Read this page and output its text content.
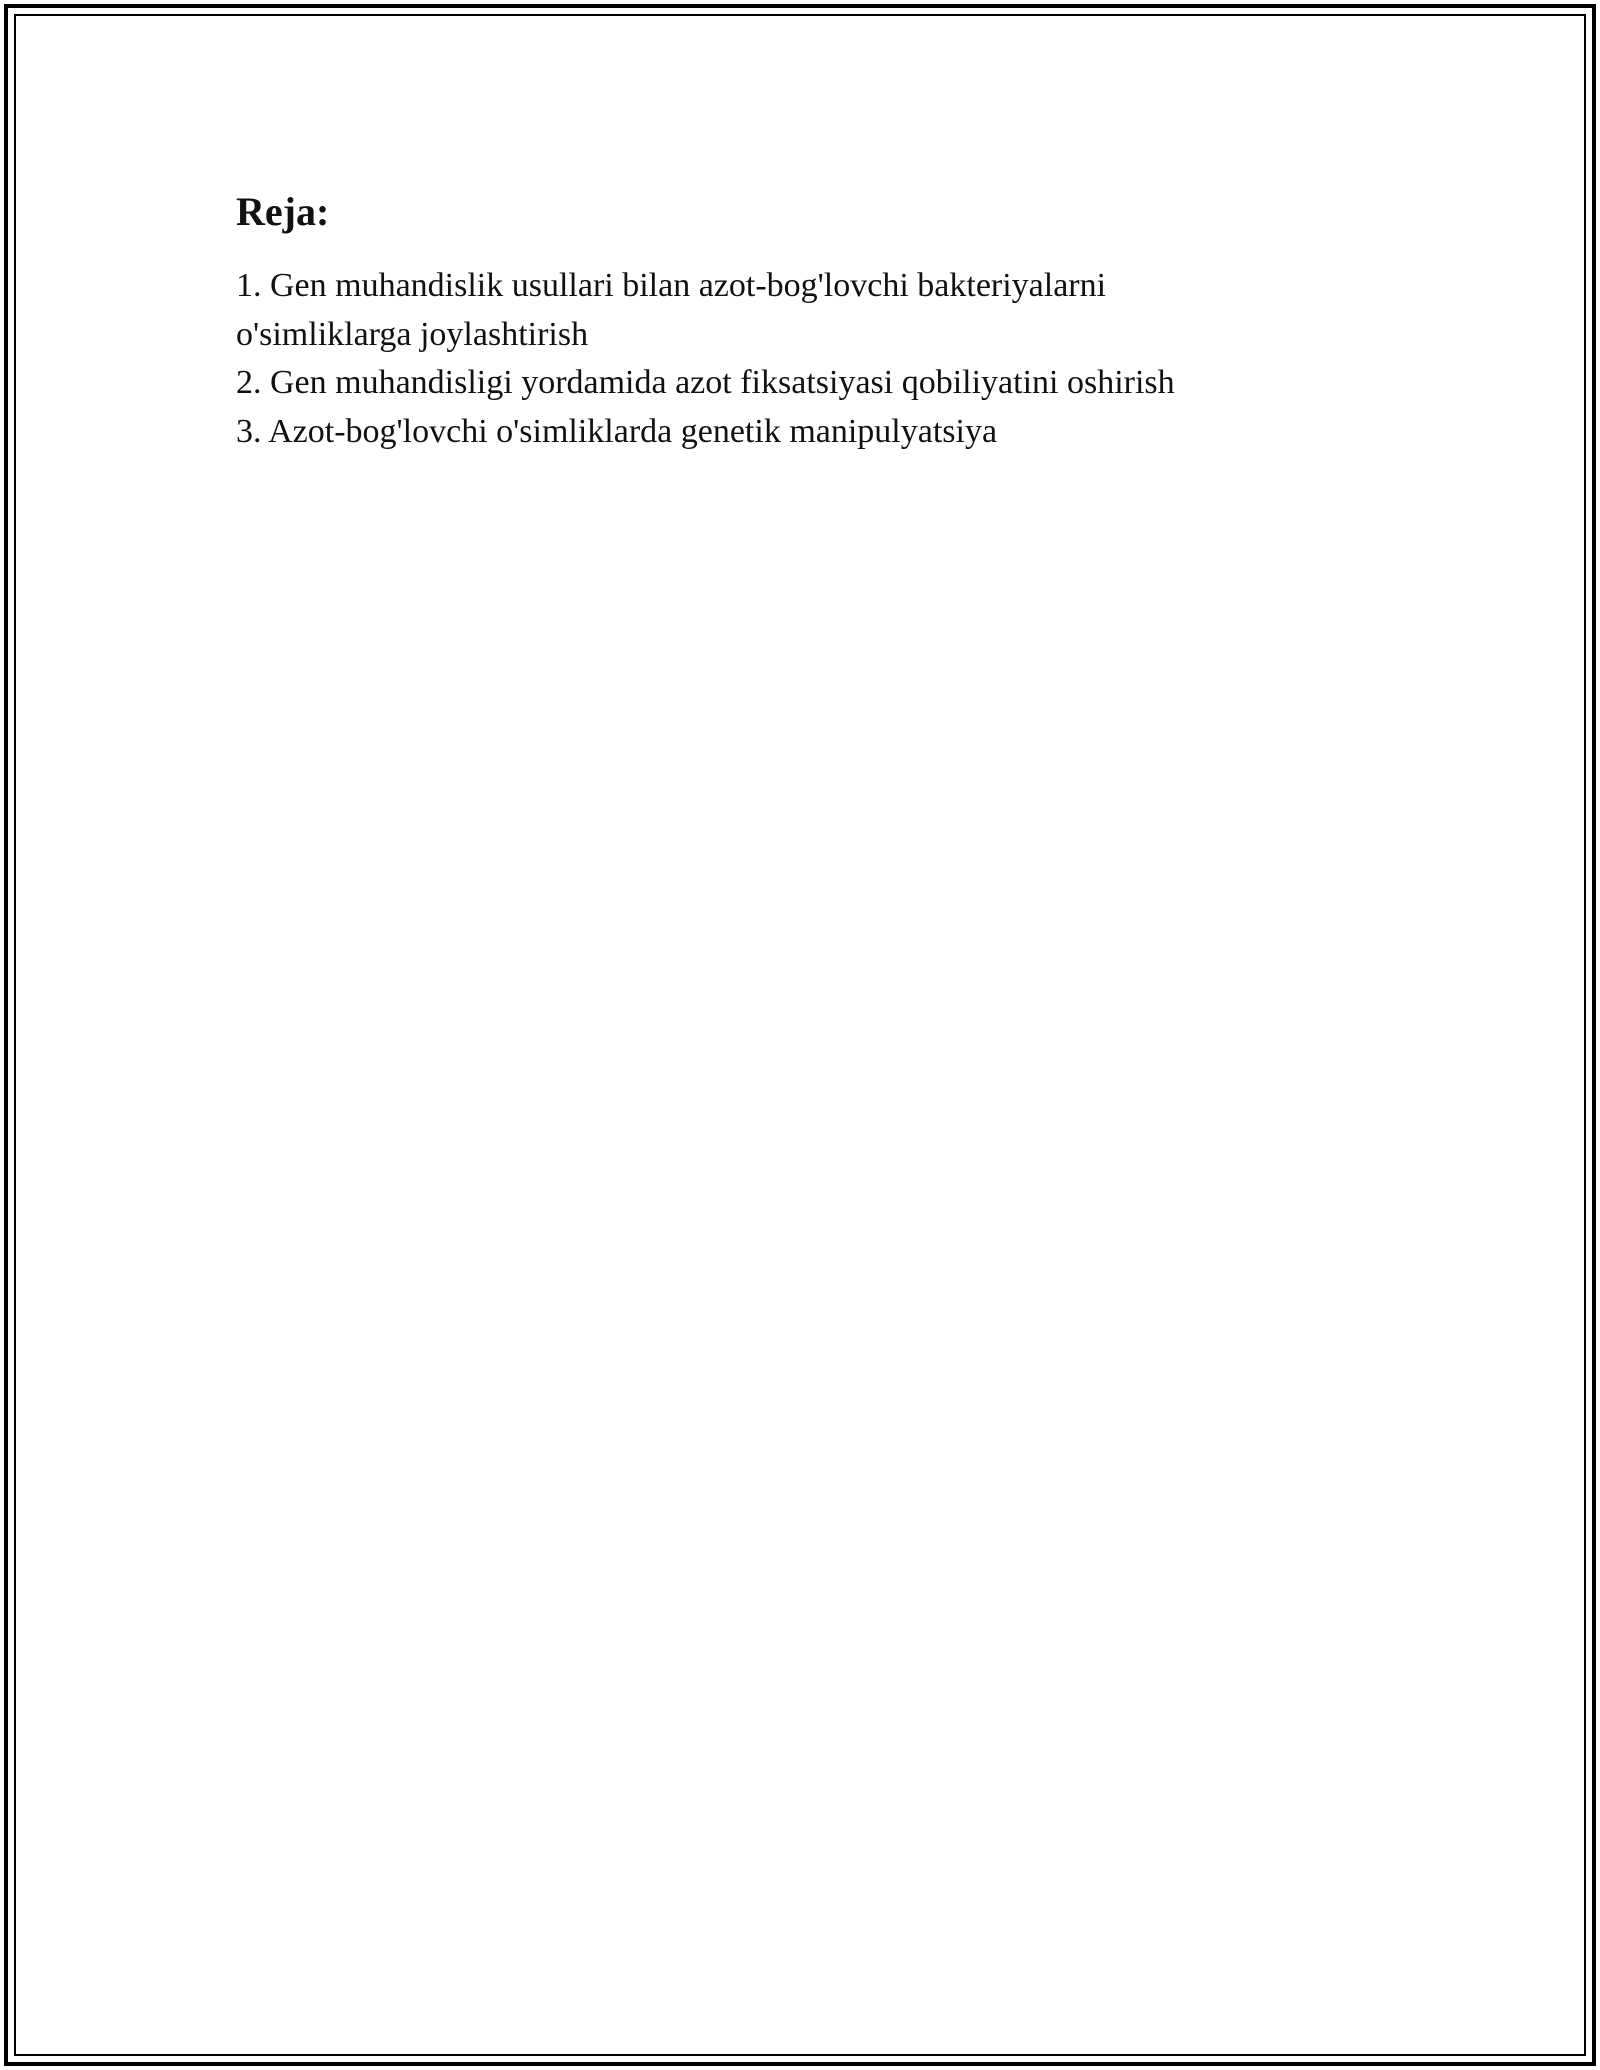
Reja:
1. Gen muhandislik usullari bilan azot-bog'lovchi bakteriyalarni o'simliklarga joylashtirish
2. Gen muhandisligi yordamida azot fiksatsiyasi qobiliyatini oshirish
3. Azot-bog'lovchi o'simliklarda genetik manipulyatsiya
